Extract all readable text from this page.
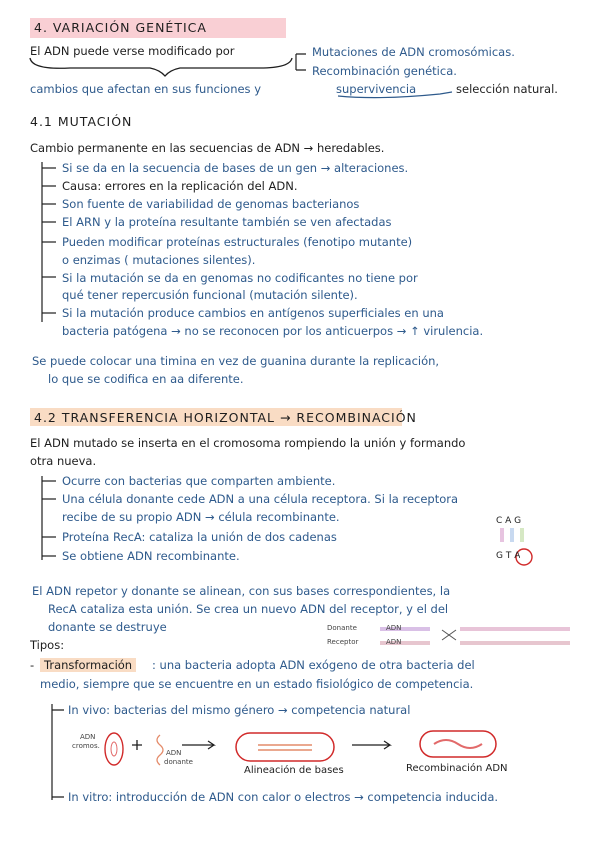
4. VARIACIÓN GENÉTICA
El ADN puede verse modificado por	Mutaciones de ADN cromosómicas.
Recombinación genética.
cambios que afectan en sus funciones y	supervivencia	selección natural.
4.1 MUTACIÓN
Cambio permanente en las secuencias de ADN → heredables.
Si se da en la secuencia de bases de un gen → alteraciones.
Causa: errores en la replicación del ADN.
Son fuente de variabilidad de genomas bacterianos
El ARN y la proteína resultante también se ven afectadas
Pueden modificar proteínas estructurales (fenotipo mutante)
o enzimas ( mutaciones silentes).
Si la mutación se da en genomas no codificantes no tiene por
qué tener repercusión funcional (mutación silente).
Si la mutación produce cambios en antígenos superficiales en una
bacteria patógena → no se reconocen por los anticuerpos → ↑ virulencia.
Se puede colocar una timina en vez de guanina durante la replicación,
lo que se codifica en aa diferente.
4.2 TRANSFERENCIA HORIZONTAL → RECOMBINACIÓN
El ADN mutado se inserta en el cromosoma rompiendo la unión y formando
otra nueva.
Ocurre con bacterias que comparten ambiente.
Una célula donante cede ADN a una célula receptora. Si la receptora
recibe de su propio ADN → célula recombinante.
Proteína RecA: cataliza la unión de dos cadenas
Se obtiene ADN recombinante.
C A G
G T A
El ADN repetor y donante se alinean, con sus bases correspondientes, la
RecA cataliza esta unión. Se crea un nuevo ADN del receptor, y el del
donante se destruye	Donante
Receptor
ADN
ADN
Tipos:
- Transformación	: una bacteria adopta ADN exógeno de otra bacteria del
medio, siempre que se encuentre en un estado fisiológico de competencia.
In vivo: bacterias del mismo género → competencia natural
ADN
cromos.
ADN
donante
Alineación de bases	Recombinación ADN
In vitro: introducción de ADN con calor o electros → competencia inducida.
